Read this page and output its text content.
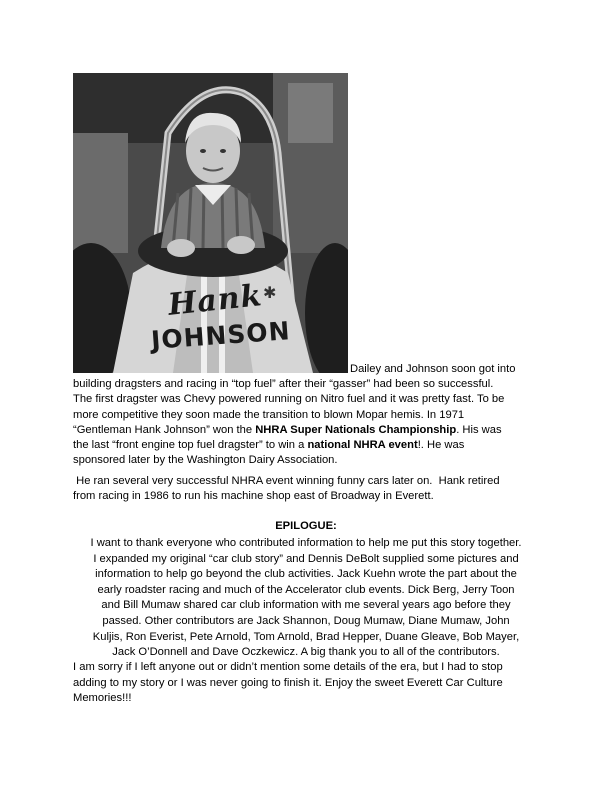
✱
Hank
JOHNSON
Dailey and Johnson soon got into
building dragsters and racing in “top fuel” after their “gasser” had been so successful.
The first dragster was Chevy powered running on Nitro fuel and it was pretty fast. To be
more competitive they soon made the transition to blown Mopar hemis. In 1971
“Gentleman Hank Johnson” won the NHRA Super Nationals Championship. His was
the last “front engine top fuel dragster” to win a national NHRA event!. He was
sponsored later by the Washington Dairy Association.
He ran several very successful NHRA event winning funny cars later on.  Hank retired
from racing in 1986 to run his machine shop east of Broadway in Everett.
EPILOGUE:
I want to thank everyone who contributed information to help me put this story together.
I expanded my original “car club story” and Dennis DeBolt supplied some pictures and
information to help go beyond the club activities. Jack Kuehn wrote the part about the
early roadster racing and much of the Accelerator club events. Dick Berg, Jerry Toon
and Bill Mumaw shared car club information with me several years ago before they
passed. Other contributors are Jack Shannon, Doug Mumaw, Diane Mumaw, John
Kuljis, Ron Everist, Pete Arnold, Tom Arnold, Brad Hepper, Duane Gleave, Bob Mayer,
Jack O’Donnell and Dave Oczkewicz. A big thank you to all of the contributors.
I am sorry if I left anyone out or didn’t mention some details of the era, but I had to stop
adding to my story or I was never going to finish it. Enjoy the sweet Everett Car Culture
Memories!!!
